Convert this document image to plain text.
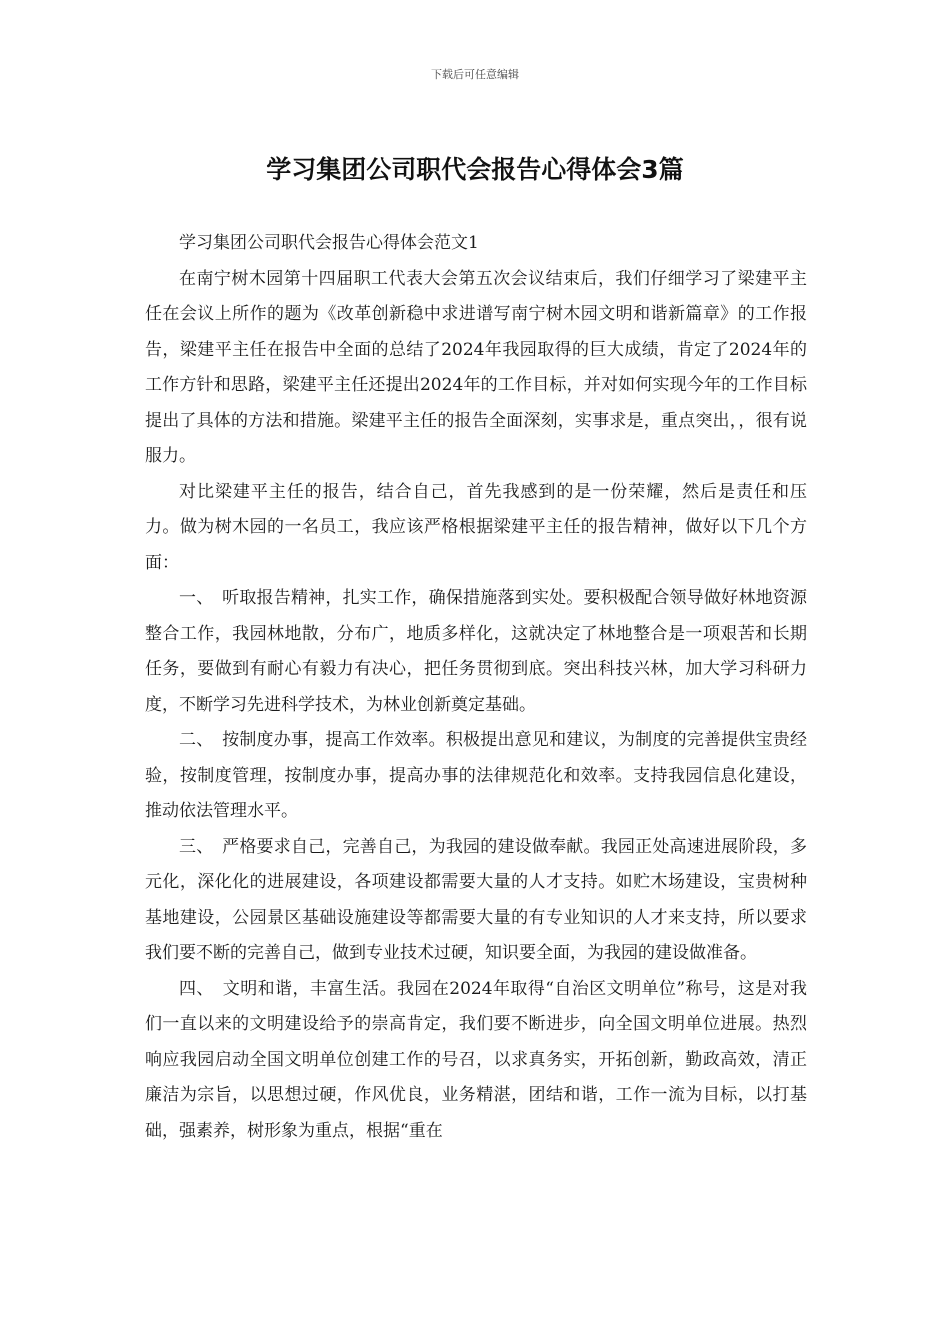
下载后可任意编辑
学习集团公司职代会报告心得体会3篇

学习集团公司职代会报告心得体会范文1

在南宁树木园第十四届职工代表大会第五次会议结束后，我们仔细学习了梁建平主任在会议上所作的题为《改革创新稳中求进谱写南宁树木园文明和谐新篇章》的工作报告，梁建平主任在报告中全面的总结了2024年我园取得的巨大成绩，肯定了2024年的工作方针和思路，梁建平主任还提出2024年的工作目标，并对如何实现今年的工作目标提出了具体的方法和措施。梁建平主任的报告全面深刻，实事求是，重点突出，，很有说服力。

对比梁建平主任的报告，结合自己，首先我感到的是一份荣耀，然后是责任和压力。做为树木园的一名员工，我应该严格根据梁建平主任的报告精神，做好以下几个方面：

一、　听取报告精神，扎实工作，确保措施落到实处。要积极配合领导做好林地资源整合工作，我园林地散，分布广，地质多样化，这就决定了林地整合是一项艰苦和长期任务，要做到有耐心有毅力有决心，把任务贯彻到底。突出科技兴林，加大学习科研力度，不断学习先进科学技术，为林业创新奠定基础。

二、　按制度办事，提高工作效率。积极提出意见和建议，为制度的完善提供宝贵经验，按制度管理，按制度办事，提高办事的法律规范化和效率。支持我园信息化建设，推动依法管理水平。

三、　严格要求自己，完善自己，为我园的建设做奉献。我园正处高速进展阶段，多元化，深化化的进展建设，各项建设都需要大量的人才支持。如贮木场建设，宝贵树种基地建设，公园景区基础设施建设等都需要大量的有专业知识的人才来支持，所以要求我们要不断的完善自己，做到专业技术过硬，知识要全面，为我园的建设做准备。

四、　文明和谐，丰富生活。我园在2024年取得“自治区文明单位”称号，这是对我们一直以来的文明建设给予的崇高肯定，我们要不断进步，向全国文明单位进展。热烈响应我园启动全国文明单位创建工作的号召，以求真务实，开拓创新，勤政高效，清正廉洁为宗旨，以思想过硬，作风优良，业务精湛，团结和谐，工作一流为目标，以打基础，强素养，树形象为重点，根据“重在
